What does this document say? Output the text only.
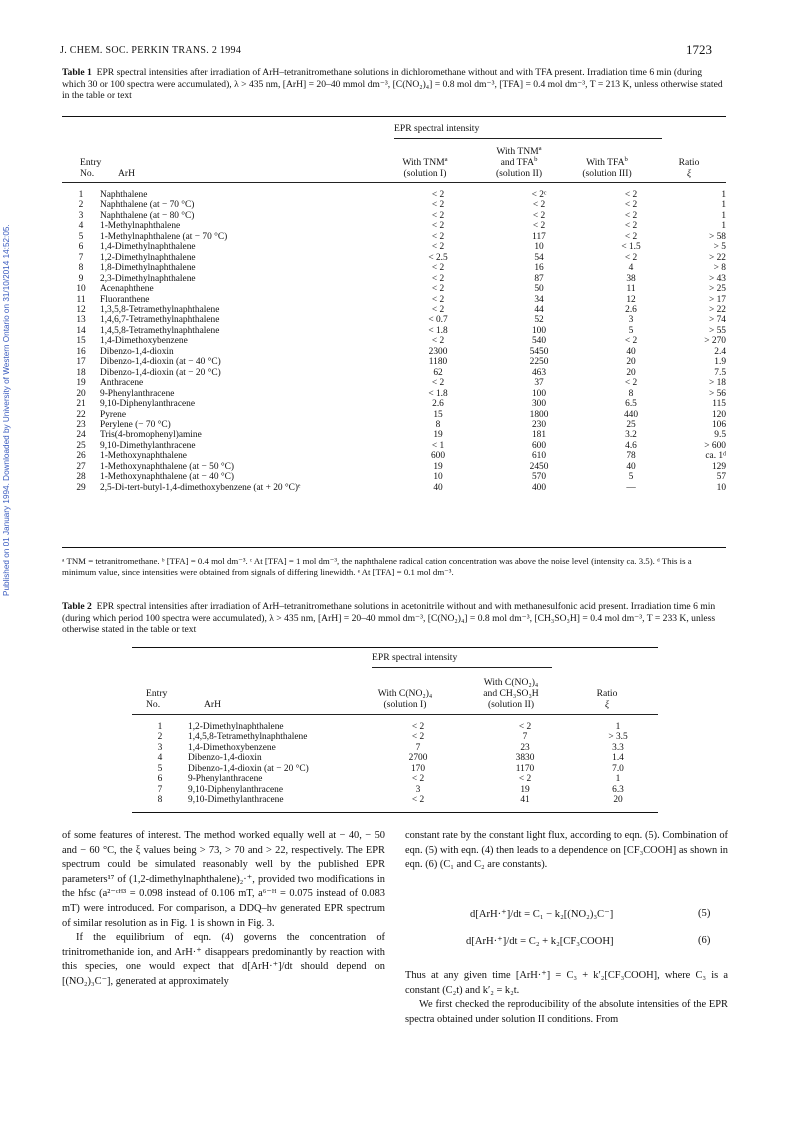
Published on 01 January 1994. Downloaded by University of Western Ontario on 31/10/2014 14:52:05.
J. CHEM. SOC. PERKIN TRANS. 2 1994	1723
Table 1 EPR spectral intensities after irradiation of ArH–tetranitromethane solutions in dichloromethane without and with TFA present. Irradiation time 6 min (during which 30 or 100 spectra were accumulated), λ > 435 nm, [ArH] = 20–40 mmol dm⁻³, [C(NO₂)₄] = 0.8 mol dm⁻³, [TFA] = 0.4 mol dm⁻³, T = 213 K, unless otherwise stated in the table or text
EPR spectral intensity
Entry
No.	ArH
With TNM$^a$
(solution I)
With TNM$^a$
and TFA$^b$
(solution II)
With TFA$^b$
(solution III)
Ratio
ξ
1	Naphthalene	< 2	< 2ᶜ	< 2	1
2	Naphthalene (at − 70 °C)	< 2	< 2	< 2	1
3	Naphthalene (at − 80 °C)	< 2	< 2	< 2	1
4	1-Methylnaphthalene	< 2	< 2	< 2	1
5	1-Methylnaphthalene (at − 70 °C)	< 2	117	< 2	> 58
6	1,4-Dimethylnaphthalene	< 2	10	< 1.5	> 5
7	1,2-Dimethylnaphthalene	< 2.5	54	< 2	> 22
8	1,8-Dimethylnaphthalene	< 2	16	4	> 8
9	2,3-Dimethylnaphthalene	< 2	87	38	> 43
10	Acenaphthene	< 2	50	11	> 25
11	Fluoranthene	< 2	34	12	> 17
12	1,3,5,8-Tetramethylnaphthalene	< 2	44	2.6	> 22
13	1,4,6,7-Tetramethylnaphthalene	< 0.7	52	3	> 74
14	1,4,5,8-Tetramethylnaphthalene	< 1.8	100	5	> 55
15	1,4-Dimethoxybenzene	< 2	540	< 2	> 270
16	Dibenzo-1,4-dioxin	2300	5450	40	2.4
17	Dibenzo-1,4-dioxin (at − 40 °C)	1180	2250	20	1.9
18	Dibenzo-1,4-dioxin (at − 20 °C)	62	463	20	7.5
19	Anthracene	< 2	37	< 2	> 18
20	9-Phenylanthracene	< 1.8	100	8	> 56
21	9,10-Diphenylanthracene	2.6	300	6.5	115
22	Pyrene	15	1800	440	120
23	Perylene (− 70 °C)	8	230	25	106
24	Tris(4-bromophenyl)amine	19	181	3.2	9.5
25	9,10-Dimethylanthracene	< 1	600	4.6	> 600
26	1-Methoxynaphthalene	600	610	78	ca. 1ᵈ
27	1-Methoxynaphthalene (at − 50 °C)	19	2450	40	129
28	1-Methoxynaphthalene (at − 40 °C)	10	570	5	57
29	2,5-Di-tert-butyl-1,4-dimethoxybenzene (at + 20 °C)ᵉ	40	400	—	10
ᵃ TNM = tetranitromethane. ᵇ [TFA] = 0.4 mol dm⁻³. ᶜ At [TFA] = 1 mol dm⁻³, the naphthalene radical cation concentration was above the noise level (intensity ca. 3.5). ᵈ This is a minimum value, since intensities were obtained from signals of differing linewidth. ᵉ At [TFA] = 0.1 mol dm⁻³.
Table 2 EPR spectral intensities after irradiation of ArH–tetranitromethane solutions in acetonitrile without and with methanesulfonic acid present. Irradiation time 6 min (during which period 100 spectra were accumulated), λ > 435 nm, [ArH] = 20–40 mmol dm⁻³, [C(NO₂)₄] = 0.8 mol dm⁻³, [CH₃SO₃H] = 0.4 mol dm⁻³, T = 233 K, unless otherwise stated in the table or text
EPR spectral intensity
Entry
No.	ArH
With C(NO₂)₄
(solution I)
With C(NO₂)₄
and CH₃SO₃H
(solution II)
Ratio
ξ
1	1,2-Dimethylnaphthalene	< 2	< 2	1
2	1,4,5,8-Tetramethylnaphthalene	< 2	7	> 3.5
3	1,4-Dimethoxybenzene	7	23	3.3
4	Dibenzo-1,4-dioxin	2700	3830	1.4
5	Dibenzo-1,4-dioxin (at − 20 °C)	170	1170	7.0
6	9-Phenylanthracene	< 2	< 2	1
7	9,10-Diphenylanthracene	3	19	6.3
8	9,10-Dimethylanthracene	< 2	41	20

of some features of interest. The method worked equally well at − 40, − 50 and − 60 °C, the ξ values being > 73, > 70 and > 22, respectively. The EPR spectrum could be simulated reasonably well by the published EPR parameters¹⁷ of (1,2-dimethylnaphthalene)₂·⁺, provided two modifications in the hfsc (a²⁻ᶜᴴ³ = 0.098 instead of 0.106 mT, a⁶⁻ᴴ = 0.075 instead of 0.083 mT) were introduced. For comparison, a DDQ–hν generated EPR spectrum of similar resolution as in Fig. 1 is shown in Fig. 3.

If the equilibrium of eqn. (4) governs the concentration of trinitromethanide ion, and ArH·⁺ disappears predominantly by reaction with this species, one would expect that d[ArH·⁺]/dt should depend on [(NO₂)₃C⁻], generated at approximately

constant rate by the constant light flux, according to eqn. (5). Combination of eqn. (5) with eqn. (4) then leads to a dependence on [CF₃COOH] as shown in eqn. (6) (C₁ and C₂ are constants).

d[ArH·⁺]/dt = C₁ − k₂[(NO₂)₃C⁻]	(5)
d[ArH·⁺]/dt = C₂ + k₂[CF₃COOH]	(6)

Thus at any given time [ArH·⁺] = C₃ + k′₂[CF₃COOH], where C₃ is a constant (C₂t) and k′₂ = k₂t.

We first checked the reproducibility of the absolute intensities of the EPR spectra obtained under solution II conditions. From
